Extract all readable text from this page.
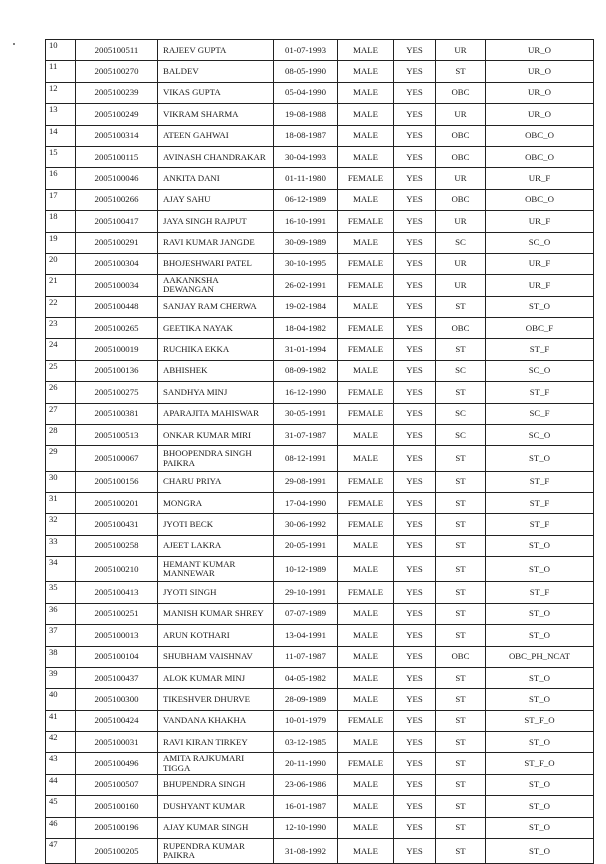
10	2005100511	RAJEEV GUPTA	01-07-1993	MALE	YES	UR	UR_O
11	2005100270	BALDEV	08-05-1990	MALE	YES	ST	UR_O
12	2005100239	VIKAS GUPTA	05-04-1990	MALE	YES	OBC	UR_O
13	2005100249	VIKRAM SHARMA	19-08-1988	MALE	YES	UR	UR_O
14	2005100314	ATEEN GAHWAI	18-08-1987	MALE	YES	OBC	OBC_O
15	2005100115	AVINASH CHANDRAKAR	30-04-1993	MALE	YES	OBC	OBC_O
16	2005100046	ANKITA DANI	01-11-1980	FEMALE	YES	UR	UR_F
17	2005100266	AJAY SAHU	06-12-1989	MALE	YES	OBC	OBC_O
18	2005100417	JAYA SINGH RAJPUT	16-10-1991	FEMALE	YES	UR	UR_F
19	2005100291	RAVI KUMAR JANGDE	30-09-1989	MALE	YES	SC	SC_O
20	2005100304	BHOJESHWARI PATEL	30-10-1995	FEMALE	YES	UR	UR_F
21	2005100034	AAKANKSHA DEWANGAN	26-02-1991	FEMALE	YES	UR	UR_F
22	2005100448	SANJAY RAM CHERWA	19-02-1984	MALE	YES	ST	ST_O
23	2005100265	GEETIKA NAYAK	18-04-1982	FEMALE	YES	OBC	OBC_F
24	2005100019	RUCHIKA EKKA	31-01-1994	FEMALE	YES	ST	ST_F
25	2005100136	ABHISHEK	08-09-1982	MALE	YES	SC	SC_O
26	2005100275	SANDHYA MINJ	16-12-1990	FEMALE	YES	ST	ST_F
27	2005100381	APARAJITA MAHISWAR	30-05-1991	FEMALE	YES	SC	SC_F
28	2005100513	ONKAR KUMAR MIRI	31-07-1987	MALE	YES	SC	SC_O
29	2005100067	BHOOPENDRA SINGH PAIKRA	08-12-1991	MALE	YES	ST	ST_O
30	2005100156	CHARU PRIYA	29-08-1991	FEMALE	YES	ST	ST_F
31	2005100201	MONGRA	17-04-1990	FEMALE	YES	ST	ST_F
32	2005100431	JYOTI BECK	30-06-1992	FEMALE	YES	ST	ST_F
33	2005100258	AJEET LAKRA	20-05-1991	MALE	YES	ST	ST_O
34	2005100210	HEMANT KUMAR MANNEWAR	10-12-1989	MALE	YES	ST	ST_O
35	2005100413	JYOTI SINGH	29-10-1991	FEMALE	YES	ST	ST_F
36	2005100251	MANISH KUMAR SHREY	07-07-1989	MALE	YES	ST	ST_O
37	2005100013	ARUN KOTHARI	13-04-1991	MALE	YES	ST	ST_O
38	2005100104	SHUBHAM VAISHNAV	11-07-1987	MALE	YES	OBC	OBC_PH_NCAT
39	2005100437	ALOK KUMAR MINJ	04-05-1982	MALE	YES	ST	ST_O
40	2005100300	TIKESHVER DHURVE	28-09-1989	MALE	YES	ST	ST_O
41	2005100424	VANDANA KHAKHA	10-01-1979	FEMALE	YES	ST	ST_F_O
42	2005100031	RAVI KIRAN TIRKEY	03-12-1985	MALE	YES	ST	ST_O
43	2005100496	AMITA RAJKUMARI TIGGA	20-11-1990	FEMALE	YES	ST	ST_F_O
44	2005100507	BHUPENDRA SINGH	23-06-1986	MALE	YES	ST	ST_O
45	2005100160	DUSHYANT KUMAR	16-01-1987	MALE	YES	ST	ST_O
46	2005100196	AJAY KUMAR SINGH	12-10-1990	MALE	YES	ST	ST_O
47	2005100205	RUPENDRA KUMAR PAIKRA	31-08-1992	MALE	YES	ST	ST_O
